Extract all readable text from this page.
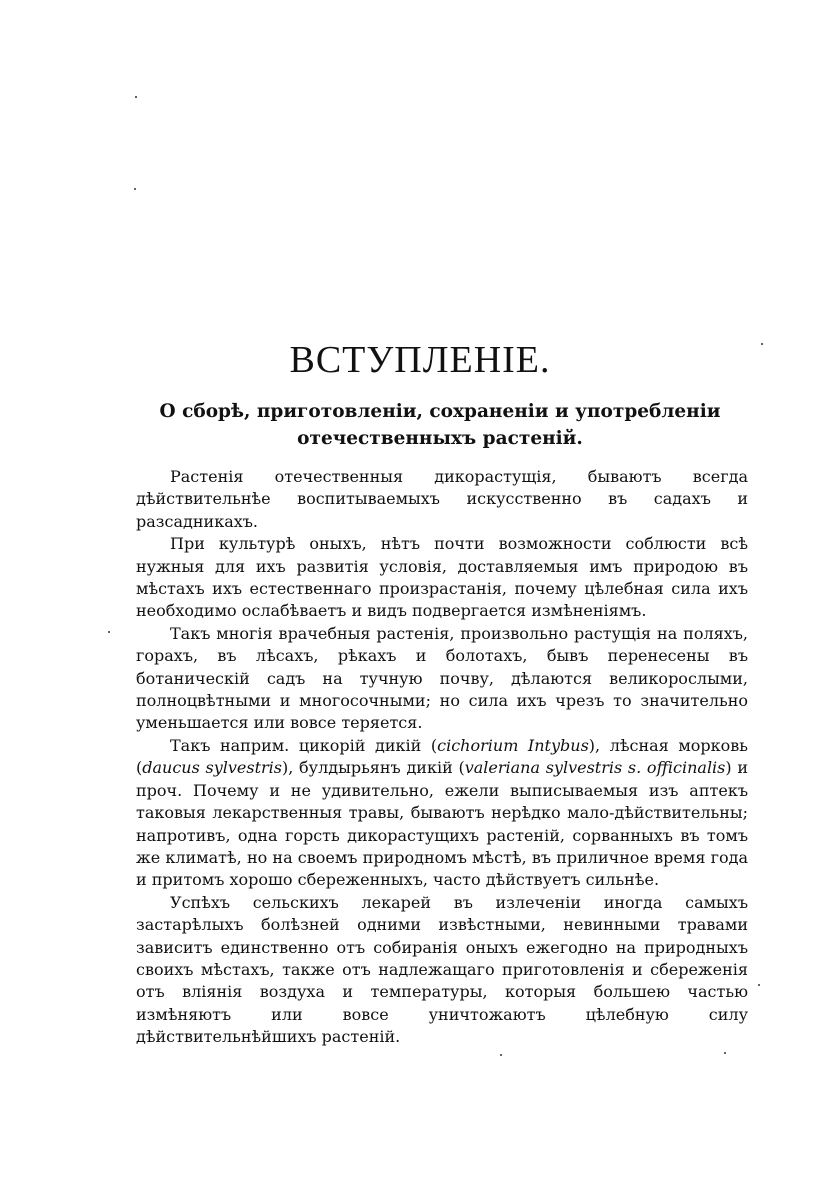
ВСТУПЛЕНІЕ.
О сборѣ, приготовленіи, сохраненіи и употребленіи отечественныхъ растеній.

Растенія отечественныя дикорастущія, бываютъ всегда дѣйствительнѣе воспитываемыхъ искусственно въ садахъ и разсадникахъ.

При культурѣ оныхъ, нѣтъ почти возможности соблюсти всѣ нужныя для ихъ развитія условія, доставляемыя имъ природою въ мѣстахъ ихъ естественнаго произрастанія, почему цѣлебная сила ихъ необходимо ослабѣваетъ и видъ подвергается измѣненіямъ.

Такъ многія врачебныя растенія, произвольно растущія на поляхъ, горахъ, въ лѣсахъ, рѣкахъ и болотахъ, бывъ перенесены въ ботаническій садъ на тучную почву, дѣлаются великорослыми, полноцвѣтными и многосочными; но сила ихъ чрезъ то значительно уменьшается или вовсе теряется.

Такъ наприм. цикорій дикій (cichorium Intybus), лѣсная морковь (daucus sylvestris), булдырьянъ дикій (valeriana sylvestris s. officinalis) и проч. Почему и не удивительно, ежели выписываемыя изъ аптекъ таковыя лекарственныя травы, бываютъ нерѣдко мало-дѣйствительны; напротивъ, одна горсть дикорастущихъ растеній, сорванныхъ въ томъ же климатѣ, но на своемъ природномъ мѣстѣ, въ приличное время года и притомъ хорошо сбереженныхъ, часто дѣйствуетъ сильнѣе.

Успѣхъ сельскихъ лекарей въ излеченіи иногда самыхъ застарѣлыхъ болѣзней одними извѣстными, невинными травами зависитъ единственно отъ собиранія оныхъ ежегодно на природныхъ своихъ мѣстахъ, также отъ надлежащаго приготовленія и сбереженія отъ вліянія воздуха и температуры, которыя большею частью измѣняютъ или вовсе уничтожаютъ цѣлебную силу дѣйствительнѣйшихъ растеній.
